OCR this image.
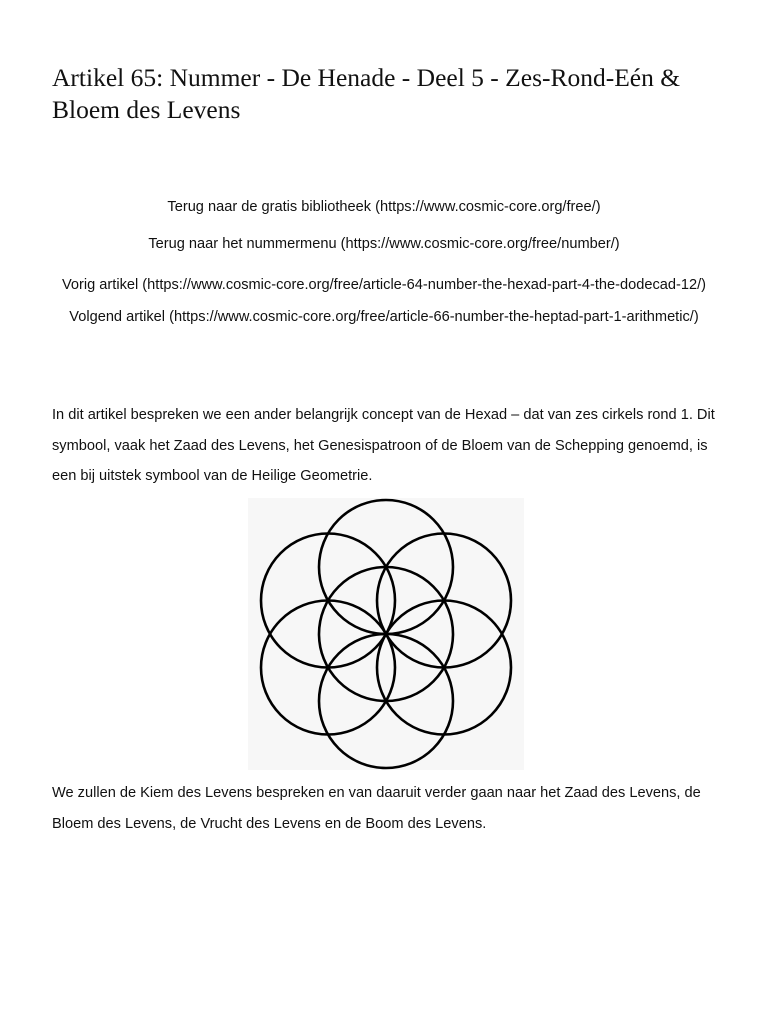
Artikel 65: Nummer - De Henade - Deel 5 - Zes-Rond-Eén & Bloem des Levens

Terug naar de gratis bibliotheek (https://www.cosmic-core.org/free/)

Terug naar het nummermenu (https://www.cosmic-core.org/free/number/)

Vorig artikel (https://www.cosmic-core.org/free/article-64-number-the-hexad-part-4-the-dodecad-12/) Volgend artikel (https://www.cosmic-core.org/free/article-66-number-the-heptad-part-1-arithmetic/)

In dit artikel bespreken we een ander belangrijk concept van de Hexad – dat van zes cirkels rond 1. Dit symbool, vaak het Zaad des Levens, het Genesispatroon of de Bloem van de Schepping genoemd, is een bij uitstek symbool van de Heilige Geometrie.

We zullen de Kiem des Levens bespreken en van daaruit verder gaan naar het Zaad des Levens, de Bloem des Levens, de Vrucht des Levens en de Boom des Levens.
